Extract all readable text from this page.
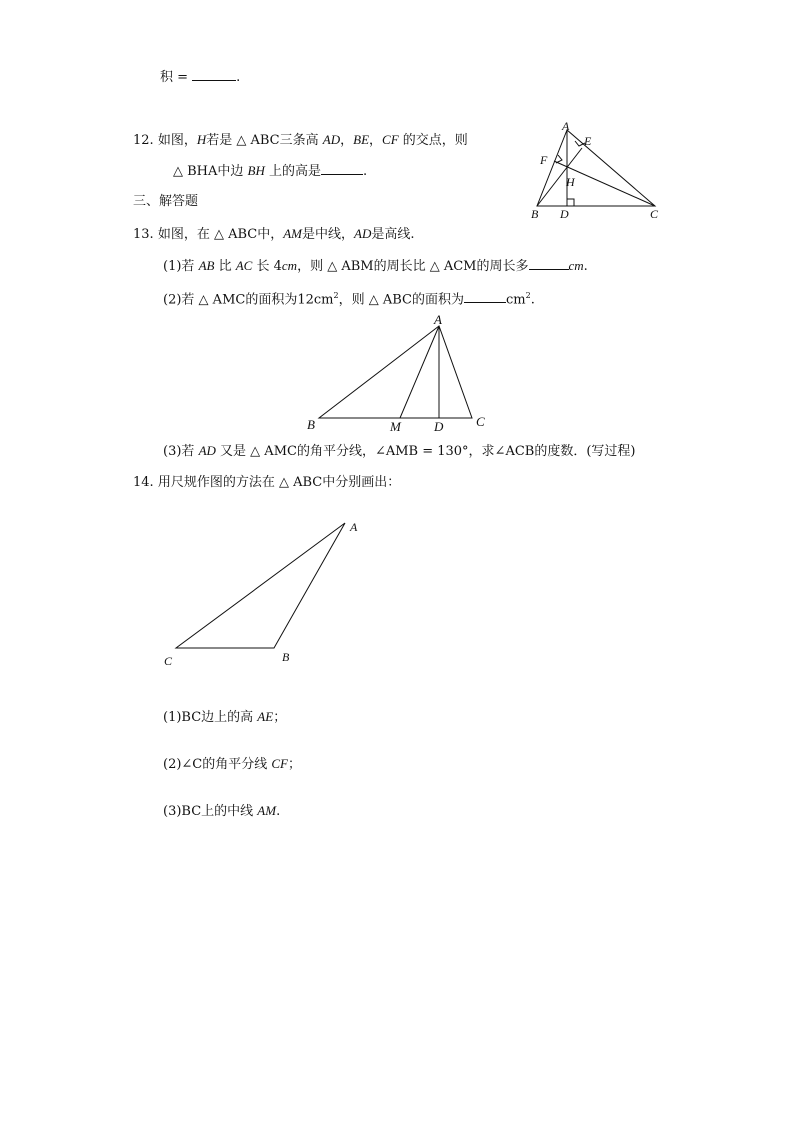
积 =	.
12. 如图，H若是 △ ABC三条高 AD，BE，CF 的交点，则
△ BHA中边 BH 上的高是	.
A
E
F
H
B D	C
三、解答题
13. 如图，在 △ ABC中，AM是中线，AD是高线.
(1)若 AB 比 AC 长 4cm，则 △ ABM的周长比 △ ACM的周长多	cm.
(2)若 △ AMC的面积为$12cm^2$，则 △ ABC的面积为	$cm^2$.
A
B	M	D	C
(3)若 AD 又是 △ AMC的角平分线，∠AMB = 130°，求∠ACB的度数．(写过程)
14. 用尺规作图的方法在 △ ABC中分别画出：
A
C	B
(1)BC边上的高 AE；
(2)∠C的角平分线 CF；
(3)BC上的中线 AM.
